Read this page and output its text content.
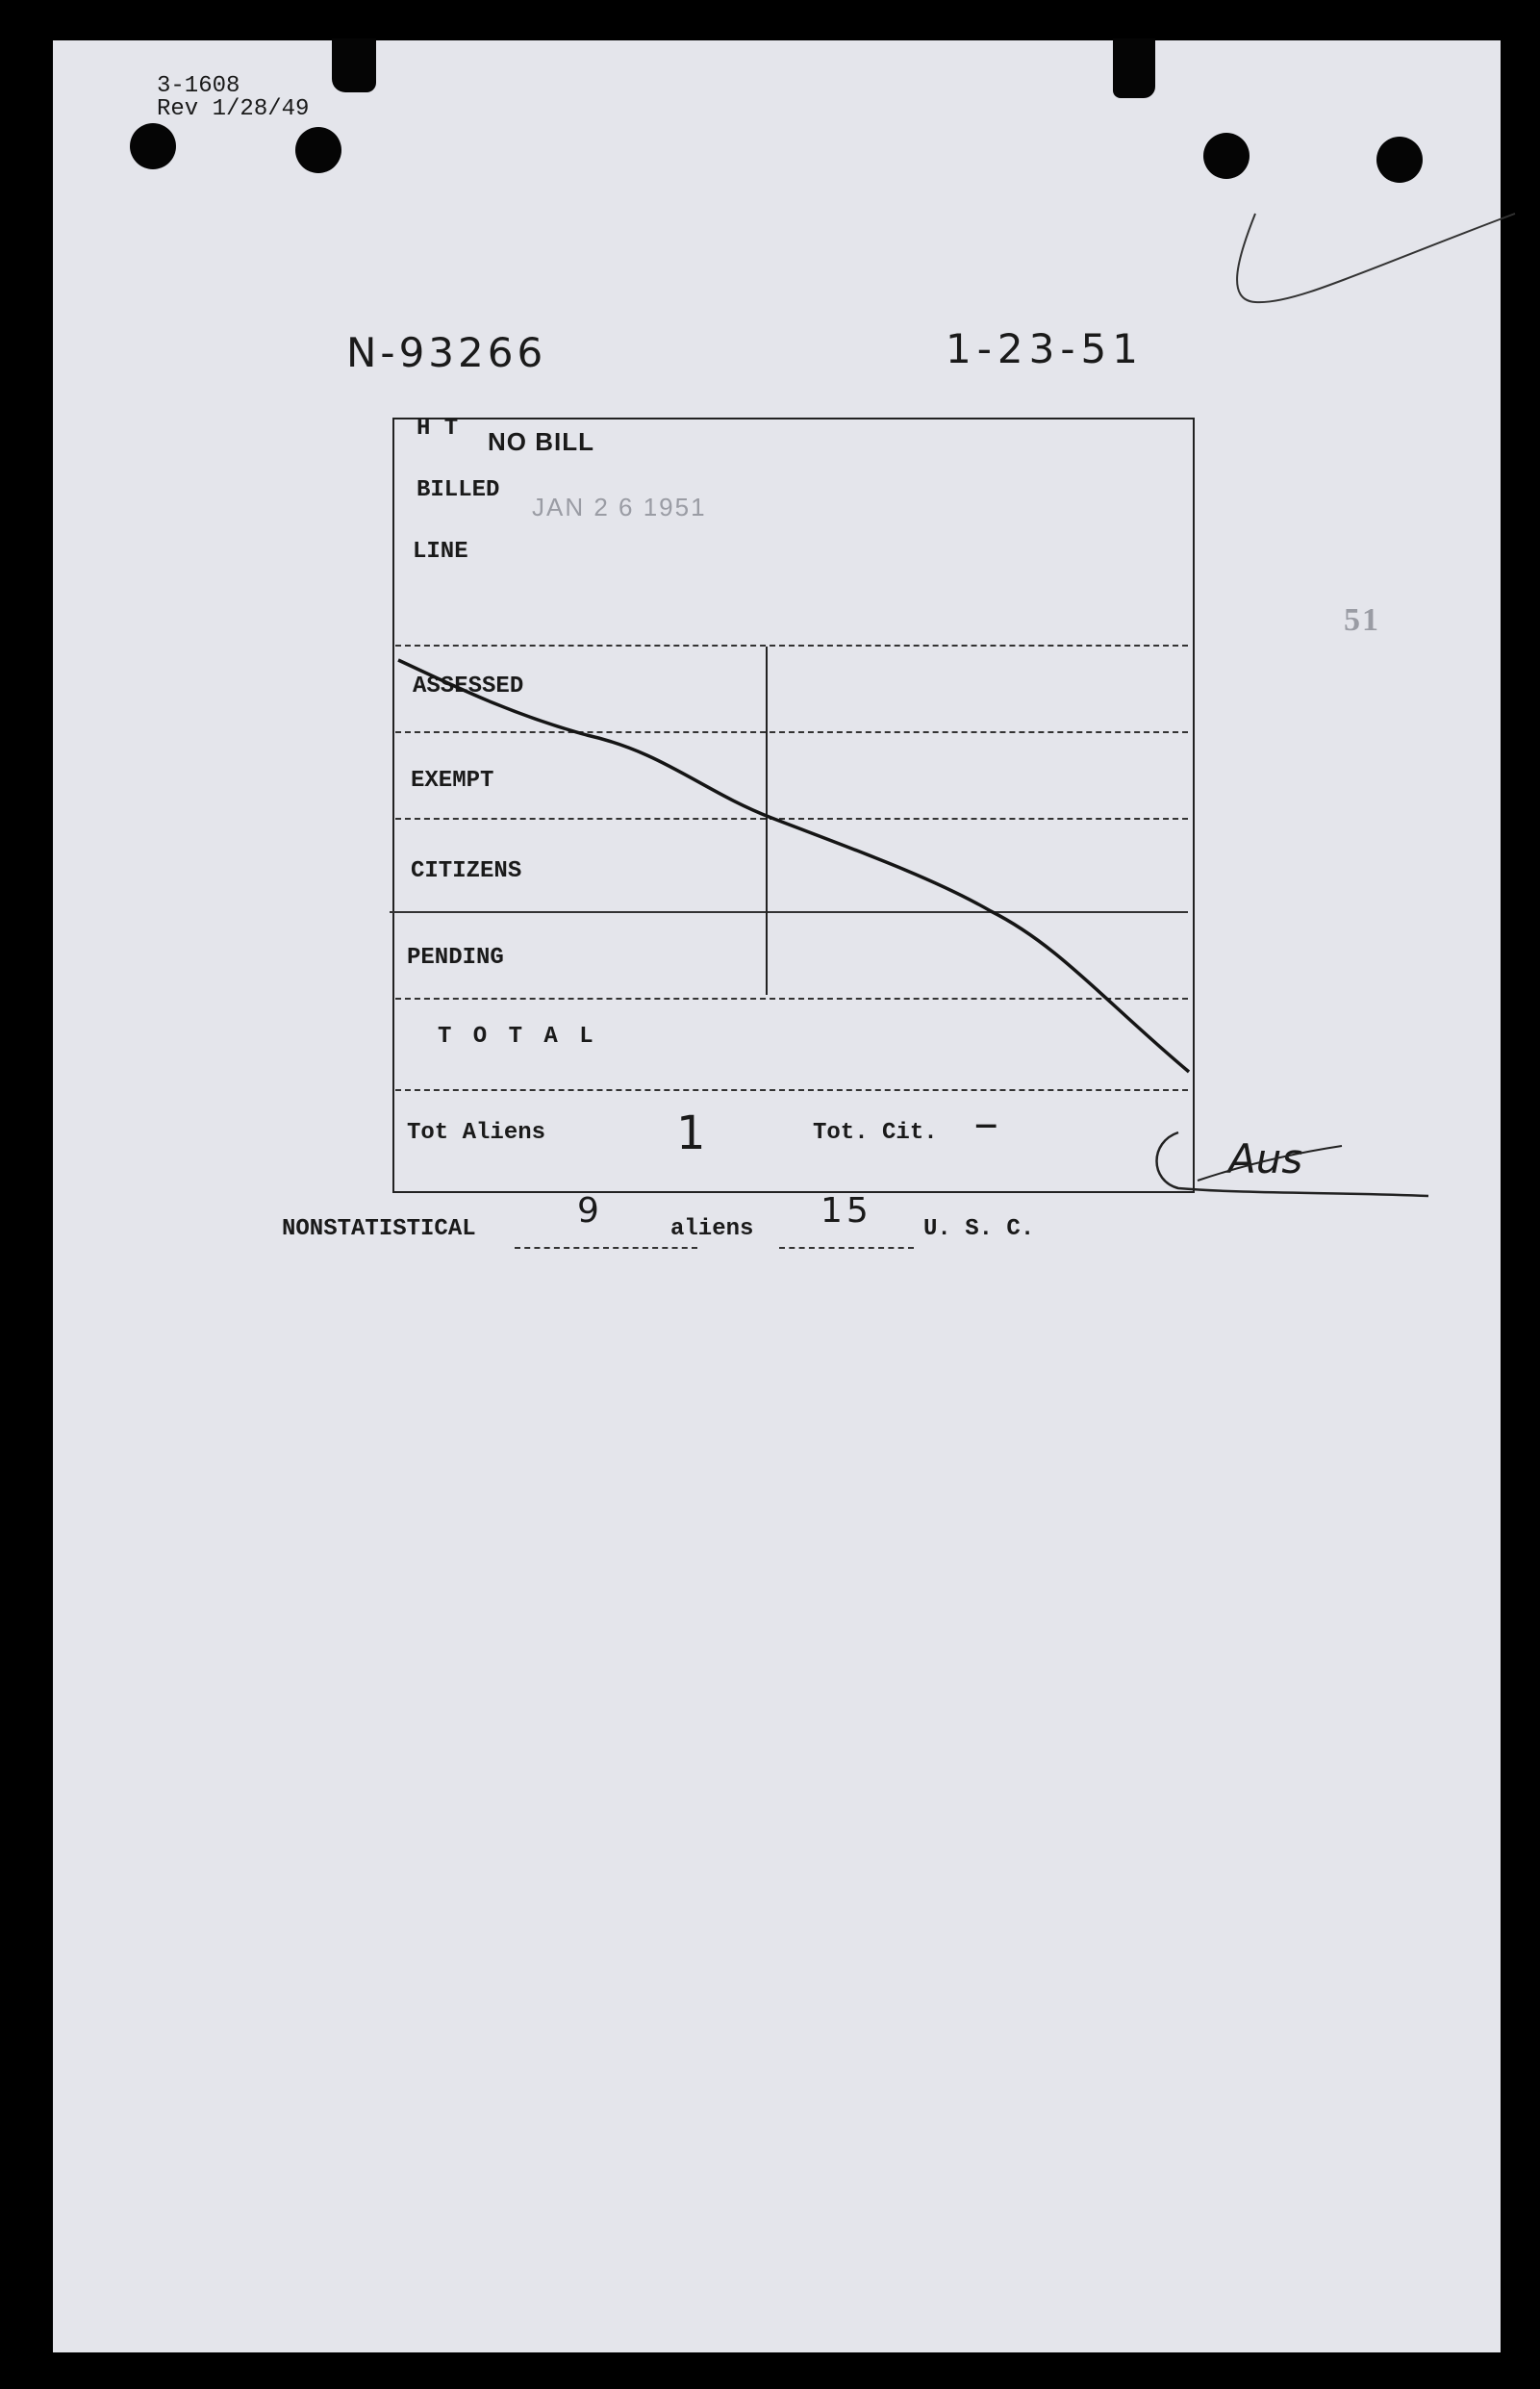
3-1608
Rev 1/28/49
N-93266	1-23-51
51
H T NO BILL
BILLED
JAN 2 6 1951
LINE
ASSESSED
EXEMPT
CITIZENS
PENDING
T O T A L
Tot Aliens	1	Tot. Cit. —
Aus
NONSTATISTICAL	9	aliens 15 U. S. C.
